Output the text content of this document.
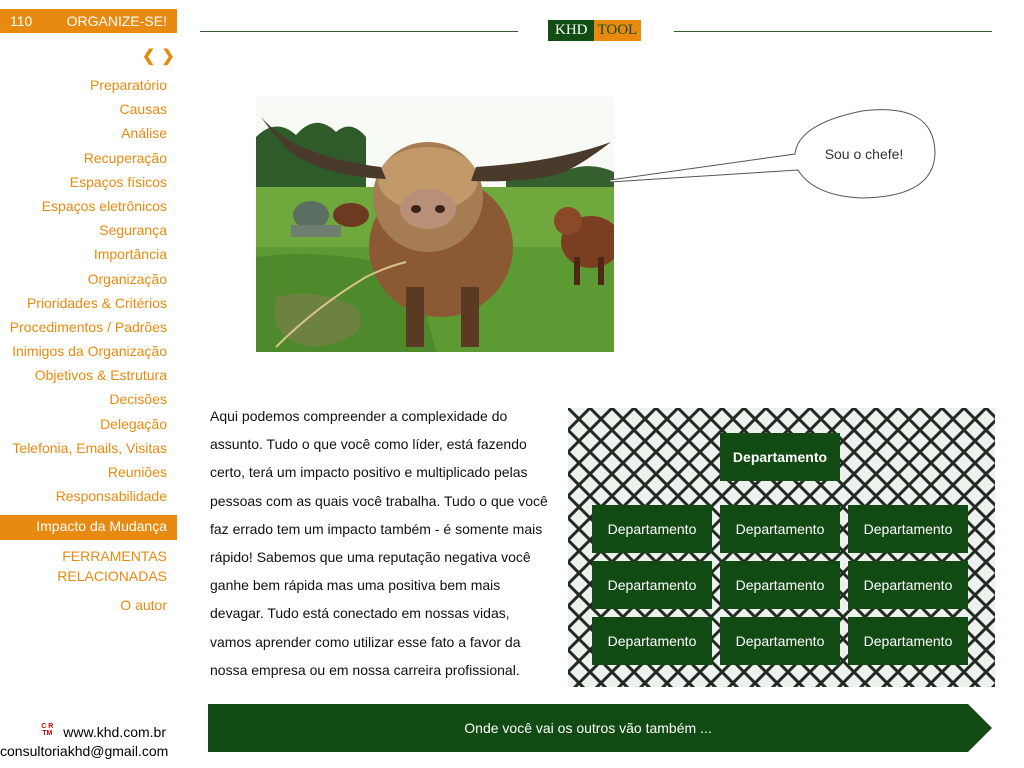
110 ORGANIZE-SE!
❮❯
KHD TOOL
Preparatório
Causas
Análise
Recuperação
Espaços físicos
Espaços eletrônicos
Segurança
Importância
Organização
Prioridades & Critérios
Procedimentos / Padrões
Inimigos da Organização
Objetivos & Estrutura
Decisões
Delegação
Telefonia, Emails, Visitas
Reuniões
Responsabilidade
Impacto da Mudança
FERRAMENTAS
RELACIONADAS
O autor
C R
TM www.khd.com.br
consultoriakhd@gmail.com
Sou o chefe!
Aqui podemos compreender a complexidade do assunto. Tudo o que você como líder, está fazendo certo, terá um impacto positivo e multiplicado pelas pessoas com as quais você trabalha. Tudo o que você faz errado tem um impacto também - é somente mais rápido! Sabemos que uma reputação negativa você ganhe bem rápida mas uma positiva bem mais devagar. Tudo está conectado em nossas vidas, vamos aprender como utilizar esse fato a favor da nossa empresa ou em nossa carreira profissional.
Departamento
Departamento	Departamento	Departamento
Departamento	Departamento	Departamento
Departamento	Departamento	Departamento
Onde você vai os outros vão também ...
